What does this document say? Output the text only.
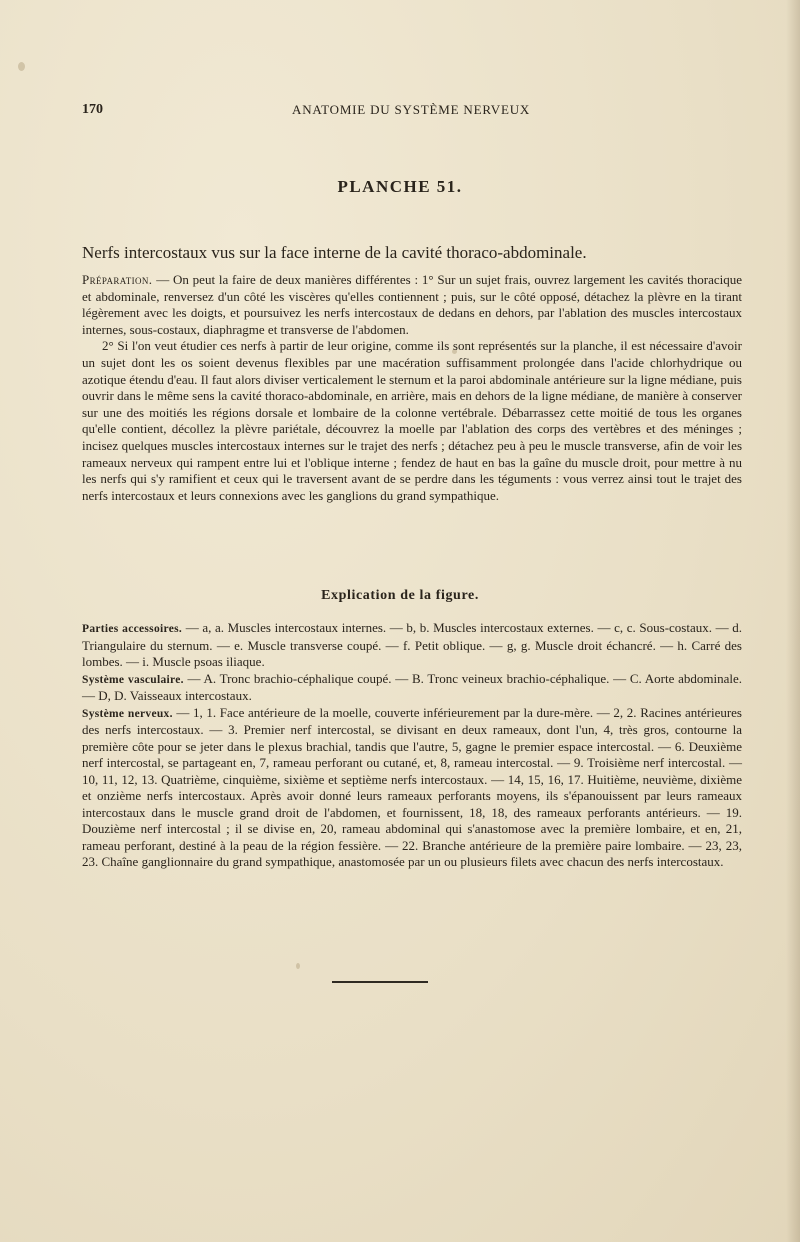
170	ANATOMIE DU SYSTÈME NERVEUX
PLANCHE 51.
Nerfs intercostaux vus sur la face interne de la cavité thoraco-abdominale.

Préparation. — On peut la faire de deux manières différentes : 1° Sur un sujet frais, ouvrez largement les cavités thoracique et abdominale, renversez d'un côté les viscères qu'elles contiennent ; puis, sur le côté opposé, détachez la plèvre en la tirant légèrement avec les doigts, et poursuivez les nerfs intercostaux de dedans en dehors, par l'ablation des muscles intercostaux internes, sous-costaux, diaphragme et transverse de l'abdomen.

2° Si l'on veut étudier ces nerfs à partir de leur origine, comme ils sont représentés sur la planche, il est nécessaire d'avoir un sujet dont les os soient devenus flexibles par une macération suffisamment prolongée dans l'acide chlorhydrique ou azotique étendu d'eau. Il faut alors diviser verticalement le sternum et la paroi abdominale antérieure sur la ligne médiane, puis ouvrir dans le même sens la cavité thoraco-abdominale, en arrière, mais en dehors de la ligne médiane, de manière à conserver sur une des moitiés les régions dorsale et lombaire de la colonne vertébrale. Débarrassez cette moitié de tous les organes qu'elle contient, décollez la plèvre pariétale, découvrez la moelle par l'ablation des corps des vertèbres et des méninges ; incisez quelques muscles intercostaux internes sur le trajet des nerfs ; détachez peu à peu le muscle transverse, afin de voir les rameaux nerveux qui rampent entre lui et l'oblique interne ; fendez de haut en bas la gaîne du muscle droit, pour mettre à nu les nerfs qui s'y ramifient et ceux qui le traversent avant de se perdre dans les téguments : vous verrez ainsi tout le trajet des nerfs intercostaux et leurs connexions avec les ganglions du grand sympathique.

Explication de la figure.

Parties accessoires. — a, a. Muscles intercostaux internes. — b, b. Muscles intercostaux externes. — c, c. Sous-costaux. — d. Triangulaire du sternum. — e. Muscle transverse coupé. — f. Petit oblique. — g, g. Muscle droit échancré. — h. Carré des lombes. — i. Muscle psoas iliaque.

Système vasculaire. — A. Tronc brachio-céphalique coupé. — B. Tronc veineux brachio-céphalique. — C. Aorte abdominale. — D, D. Vaisseaux intercostaux.

Système nerveux. — 1, 1. Face antérieure de la moelle, couverte inférieurement par la dure-mère. — 2, 2. Racines antérieures des nerfs intercostaux. — 3. Premier nerf intercostal, se divisant en deux rameaux, dont l'un, 4, très gros, contourne la première côte pour se jeter dans le plexus brachial, tandis que l'autre, 5, gagne le premier espace intercostal. — 6. Deuxième nerf intercostal, se partageant en, 7, rameau perforant ou cutané, et, 8, rameau intercostal. — 9. Troisième nerf intercostal. — 10, 11, 12, 13. Quatrième, cinquième, sixième et septième nerfs intercostaux. — 14, 15, 16, 17. Huitième, neuvième, dixième et onzième nerfs intercostaux. Après avoir donné leurs rameaux perforants moyens, ils s'épanouissent par leurs rameaux intercostaux dans le muscle grand droit de l'abdomen, et fournissent, 18, 18, des rameaux perforants antérieurs. — 19. Douzième nerf intercostal ; il se divise en, 20, rameau abdominal qui s'anastomose avec la première lombaire, et en, 21, rameau perforant, destiné à la peau de la région fessière. — 22. Branche antérieure de la première paire lombaire. — 23, 23, 23. Chaîne ganglionnaire du grand sympathique, anastomosée par un ou plusieurs filets avec chacun des nerfs intercostaux.
